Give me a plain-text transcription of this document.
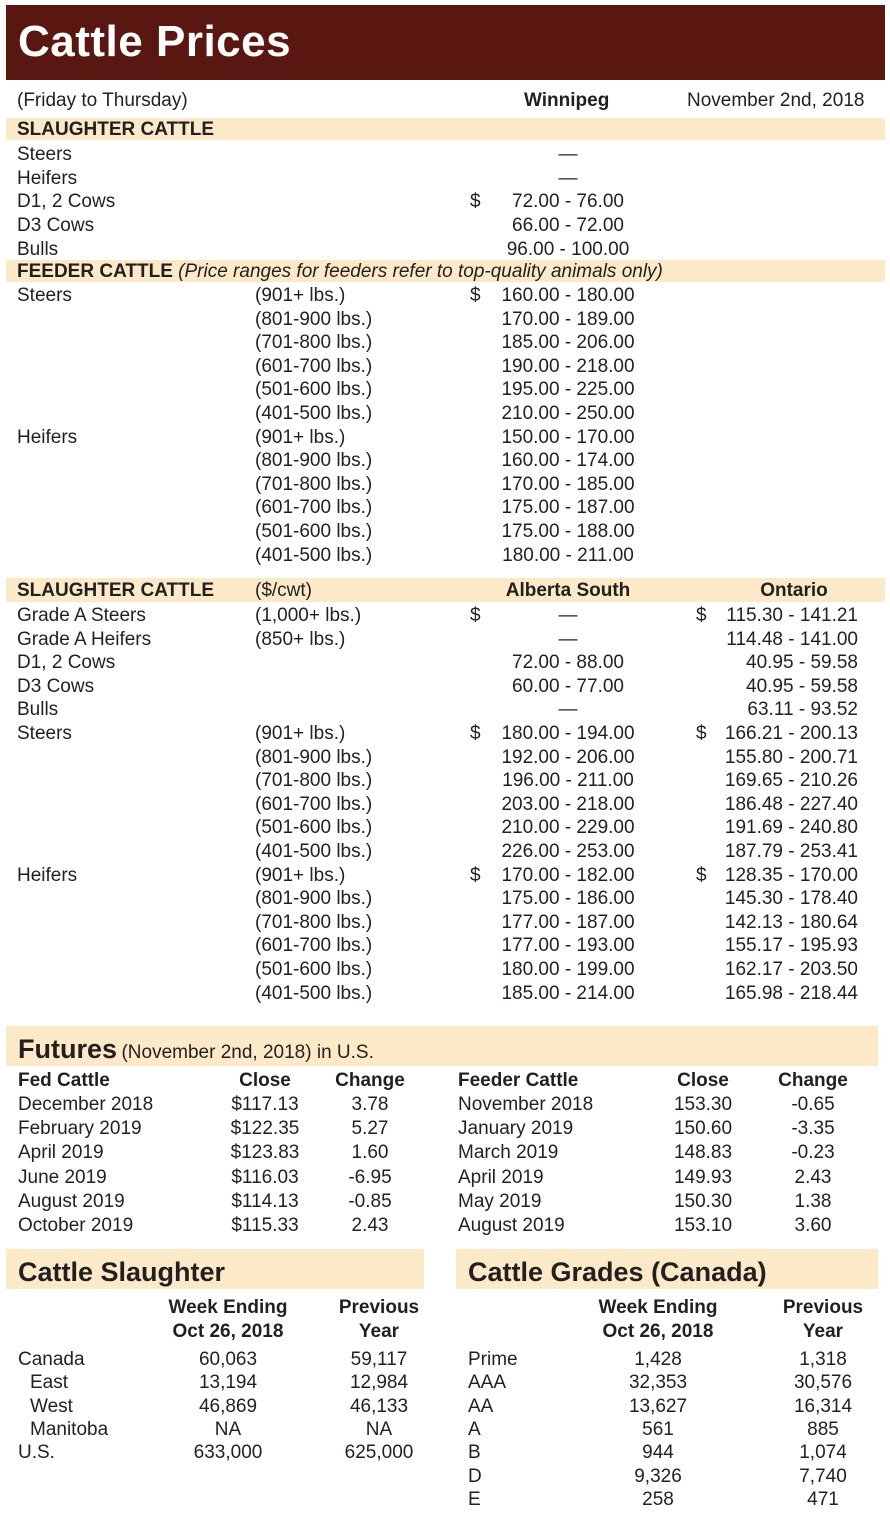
Cattle Prices
(Friday to Thursday)	Winnipeg	November 2nd, 2018
SLAUGHTER CATTLE
Steers	—
Heifers	—
D1, 2 Cows	$	72.00 - 76.00
D3 Cows	66.00 - 72.00
Bulls	96.00 - 100.00
FEEDER CATTLE (Price ranges for feeders refer to top-quality animals only)
Steers	(901+ lbs.)	$	160.00 - 180.00
(801-900 lbs.)	170.00 - 189.00
(701-800 lbs.)	185.00 - 206.00
(601-700 lbs.)	190.00 - 218.00
(501-600 lbs.)	195.00 - 225.00
(401-500 lbs.)	210.00 - 250.00
Heifers	(901+ lbs.)	150.00 - 170.00
(801-900 lbs.)	160.00 - 174.00
(701-800 lbs.)	170.00 - 185.00
(601-700 lbs.)	175.00 - 187.00
(501-600 lbs.)	175.00 - 188.00
(401-500 lbs.)	180.00 - 211.00
SLAUGHTER CATTLE ($/cwt)	Alberta South	Ontario
Grade A Steers	(1,000+ lbs.)	$	—	$	115.30 - 141.21
Grade A Heifers	(850+ lbs.)	—	114.48 - 141.00
D1, 2 Cows	72.00 - 88.00	40.95 - 59.58
D3 Cows	60.00 - 77.00	40.95 - 59.58
Bulls	—	63.11 - 93.52
Steers	(901+ lbs.)	$	180.00 - 194.00	$ 166.21 - 200.13
(801-900 lbs.)	192.00 - 206.00	155.80 - 200.71
(701-800 lbs.)	196.00 - 211.00	169.65 - 210.26
(601-700 lbs.)	203.00 - 218.00	186.48 - 227.40
(501-600 lbs.)	210.00 - 229.00	191.69 - 240.80
(401-500 lbs.)	226.00 - 253.00	187.79 - 253.41
Heifers	(901+ lbs.)	$	170.00 - 182.00	$ 128.35 - 170.00
(801-900 lbs.)	175.00 - 186.00	145.30 - 178.40
(701-800 lbs.)	177.00 - 187.00	142.13 - 180.64
(601-700 lbs.)	177.00 - 193.00	155.17 - 195.93
(501-600 lbs.)	180.00 - 199.00	162.17 - 203.50
(401-500 lbs.)	185.00 - 214.00	165.98 - 218.44
Futures (November 2nd, 2018) in U.S.
Fed Cattle	Close	Change
December 2018	$117.13	3.78
February 2019	$122.35	5.27
April 2019	$123.83	1.60
June 2019	$116.03	-6.95
August 2019	$114.13	-0.85
October 2019	$115.33	2.43
Feeder Cattle	Close	Change
November 2018	153.30	-0.65
January 2019	150.60	-3.35
March 2019	148.83	-0.23
April 2019	149.93	2.43
May 2019	150.30	1.38
August 2019	153.10	3.60
Cattle Slaughter
Week Ending
Oct 26, 2018
Previous
Year
Canada	60,063	59,117
East	13,194	12,984
West	46,869	46,133
Manitoba	NA	NA
U.S.	633,000	625,000
Cattle Grades (Canada)
Week Ending
Oct 26, 2018
Previous
Year
Prime	1,428	1,318
AAA	32,353	30,576
AA	13,627	16,314
A	561	885
B	944	1,074
D	9,326	7,740
E	258	471
